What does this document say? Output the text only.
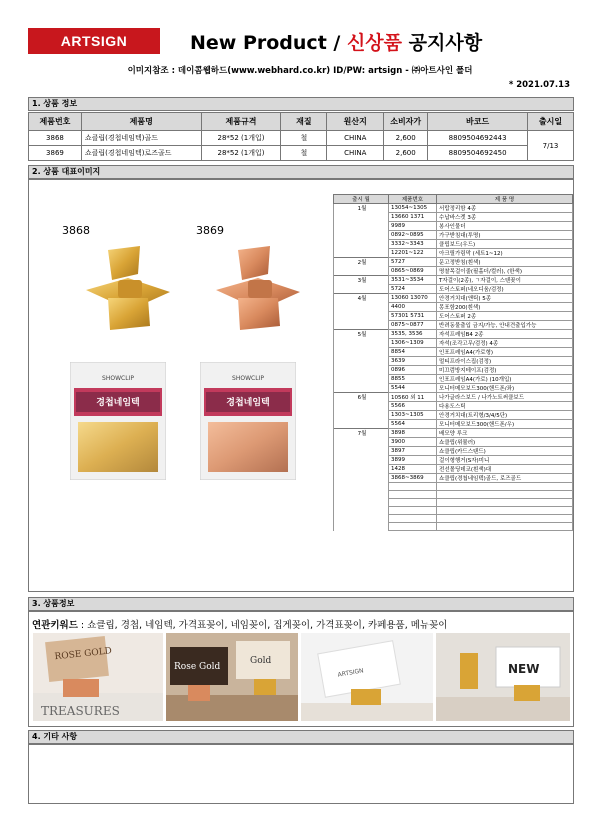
ARTSIGN	New Product / 신상품 공지사항
이미지참조 : 데이콤웹하드(www.webhard.co.kr) ID/PW: artsign - ㈜아트사인 폴더
* 2021.07.13
1. 상품 정보
제품번호	제품명	제품규격	재질	원산지	소비자가	바코드	출시일
3868	쇼클립(경첩네임텍)골드	28*52 (1개입)	철	CHINA	2,600	8809504692443	7/13
3869	쇼클립(경첩네임텍)로즈골드	28*52 (1개입)	철	CHINA	2,600	8809504692450	
2. 상품 대표이미지
3868	3869
SHOWCLIP
경첩네임텍
SHOWCLIP
경첩네임텍
출시 월	제품번호	제 품 명
1월	13054~1305	서랍정리함 4종
	13660 1371	수납바스켓 3종
	9989	봉사인물더
	0892~0895	가구받침대(투명)
	3332~3343	클립보드(우드)
	12201~122	아크릴가림막 (세트1~12)
2월	5727	문고정받침(흰색)
	0865~0869	명찰목걸이줄(필홀더/컬러), (한색)
3월	3531~3534	T자걸이(2종), ㄱ자걸이, 스텐꽂이
	5724	도어스토퍼(네오디움/검정)
4월	13060 13070	안경거치대(앤틱) 5종
	4400	몽포함200(흰색)
	57301 5731	도어스토퍼 2종
	0875~0877	반려동물출입 금지/가능, 안내견출입가능
5월	3535, 3536	자석프레임B4 2종
	1306~1309	자석(조각고무/검정) 4종
	8854	인포프레임A4(가로형)
	3639	멀티프라이스집(검정)
	0896	미끄럼방지테이프(검정)
	8855	인포프레임A4(가로) (10개입)
	5544	모니터메모보드300(핸드폰/좌)
6월	10560 외 11	나가글라스보드 / 나가노트써클보드
	5566	다용도스틱
	1303~1305	안경거치대(트리형/3/4/5단)
	5564	모니터메모보드300(핸드폰/우)
7월	3898	배모양 루크
	3900	쇼클립(위뮬러)
	3897	쇼클립(카드스탠드)
	3899	걸이형행거(S자)미니
	1428	전선몰딩데코(흰색)대
	3868~3869	쇼클립(경첩네임텍)골드, 로즈골드

3. 상품정보
연관키워드 : 쇼클립, 경첩, 네임텍, 가격표꽂이, 네임꽂이, 집게꽂이, 가격표꽂이, 카페용품, 메뉴꽂이
ROSE GOLD
TREASURES
Rose Gold
Gold
ARTSIGN	NEW
4. 기타 사항
